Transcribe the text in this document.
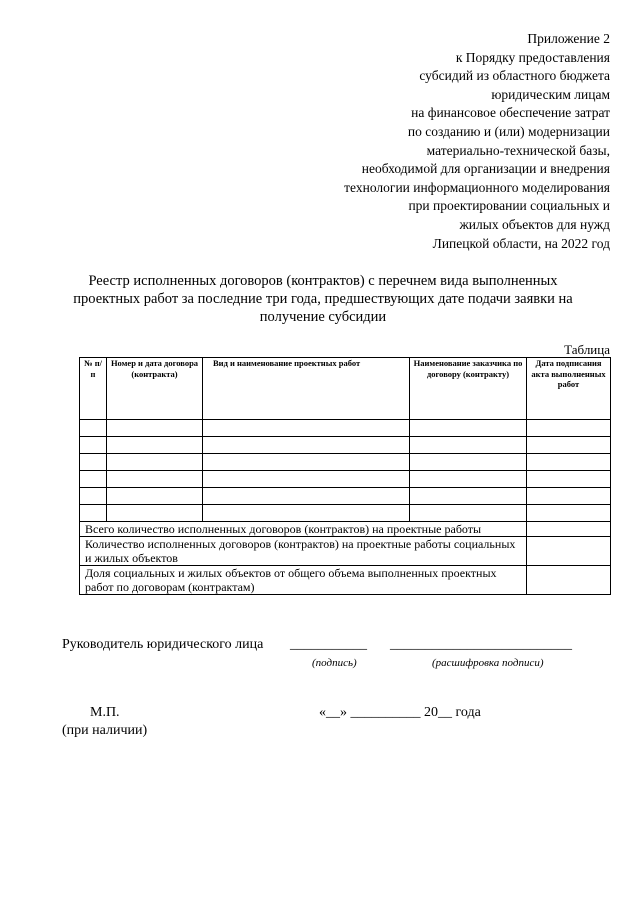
Приложение 2
к Порядку предоставления
субсидий из областного бюджета
юридическим лицам
на финансовое обеспечение затрат
по созданию и (или) модернизации
материально-технической базы,
необходимой для организации и внедрения
технологии информационного моделирования
при проектировании социальных и
жилых объектов для нужд
Липецкой области, на 2022 год
Реестр исполненных договоров (контрактов) с перечнем вида выполненных проектных работ за последние три года, предшествующих дате подачи заявки на получение субсидии
Таблица
№ п/п	Номер и дата договора (контракта)	Вид и наименование проектных работ	Наименование заказчика по договору (контракту)	Дата подписания акта выполненных работ

Всего количество исполненных договоров (контрактов) на проектные работы				
Количество исполненных договоров (контрактов) на проектные работы социальных и жилых объектов				
Доля социальных и жилых объектов от общего объема выполненных проектных работ по договорам (контрактам)				
Руководитель юридического лица ___________ __________________________
(подпись)	(расшифровка подписи)
М.П.
(при наличии)
«__» __________ 20__ года
